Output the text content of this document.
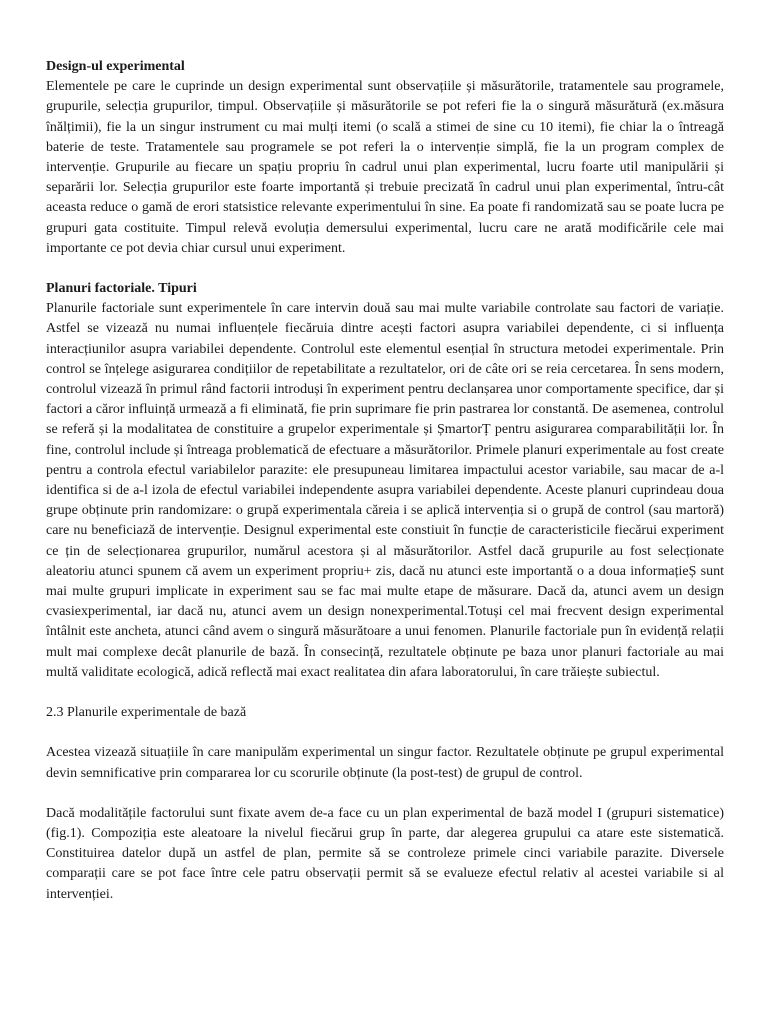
Design-ul experimental

Elementele pe care le cuprinde un design experimental sunt observațiile și măsurătorile, tratamentele sau programele, grupurile, selecția grupurilor, timpul. Observațiile și măsurătorile se pot referi fie la o singură măsurătură (ex.măsura înălțimii), fie la un singur instrument cu mai mulți itemi (o scală a stimei de sine cu 10 itemi), fie chiar la o întreagă baterie de teste. Tratamentele sau programele se pot referi la o intervenție simplă, fie la un program complex de intervenție. Grupurile au fiecare un spațiu propriu în cadrul unui plan experimental, lucru foarte util manipulării și separării lor. Selecția grupurilor este foarte importantă și trebuie precizată în cadrul unui plan experimental, întru-cât aceasta reduce o gamă de erori statsistice relevante experimentului în sine. Ea poate fi randomizată sau se poate lucra pe grupuri gata costituite. Timpul relevă evoluția demersului experimental, lucru care ne arată modificările cele mai importante ce pot devia chiar cursul unui experiment.

Planuri factoriale. Tipuri

Planurile factoriale sunt experimentele în care intervin două sau mai multe variabile controlate sau factori de variație. Astfel se vizează nu numai influențele fiecăruia dintre acești factori asupra variabilei dependente, ci si influența interacțiunilor asupra variabilei dependente. Controlul este elementul esențial în structura metodei experimentale. Prin control se înțelege asigurarea condițiilor de repetabilitate a rezultatelor, ori de câte ori se reia cercetarea. În sens modern, controlul vizează în primul rând factorii introduși în experiment pentru declanșarea unor comportamente specifice, dar și factori a căror influință urmează a fi eliminată, fie prin suprimare fie prin pastrarea lor constantă. De asemenea, controlul se referă și la modalitatea de constituire a grupelor experimentale și ȘmartorȚ pentru asigurarea comparabilității lor. În fine, controlul include și întreaga problematică de efectuare a măsurătorilor. Primele planuri experimentale au fost create pentru a controla efectul variabilelor parazite: ele presupuneau limitarea impactului acestor variabile, sau macar de a-l identifica si de a-l izola de efectul variabilei independente asupra variabilei dependente. Aceste planuri cuprindeau doua grupe obținute prin randomizare: o grupă experimentala căreia i se aplică intervenția si o grupă de control (sau martoră) care nu beneficiază de intervenție. Designul experimental este constiuit în funcție de caracteristicile fiecărui experiment ce țin de selecționarea grupurilor, numărul acestora și al măsurătorilor. Astfel dacă grupurile au fost selecționate aleatoriu atunci spunem că avem un experiment propriu+ zis, dacă nu atunci este importantă o a doua informațieȘ sunt mai multe grupuri implicate in experiment sau se fac mai multe etape de măsurare. Dacă da, atunci avem un design cvasiexperimental, iar dacă nu, atunci avem un design nonexperimental.Totuși cel mai frecvent design experimental întâlnit este ancheta, atunci când avem o singură măsurătoare a unui fenomen. Planurile factoriale pun în evidență relații mult mai complexe decât planurile de bază. În consecință, rezultatele obținute pe baza unor planuri factoriale au mai multă validitate ecologică, adică reflectă mai exact realitatea din afara laboratorului, în care trăiește subiectul.

2.3 Planurile experimentale de bază

Acestea vizează situațiile în care manipulăm experimental un singur factor. Rezultatele obținute pe grupul experimental devin semnificative prin compararea lor cu scorurile obținute (la post-test) de grupul de control.

Dacă modalitățile factorului sunt fixate avem de-a face cu un plan experimental de bază model I (grupuri sistematice)(fig.1). Compoziția este aleatoare la nivelul fiecărui grup în parte, dar alegerea grupului ca atare este sistematică. Constituirea datelor după un astfel de plan, permite să se controleze primele cinci variabile parazite. Diversele comparații care se pot face între cele patru observații permit să se evalueze efectul relativ al acestei variabile si al intervenției.
